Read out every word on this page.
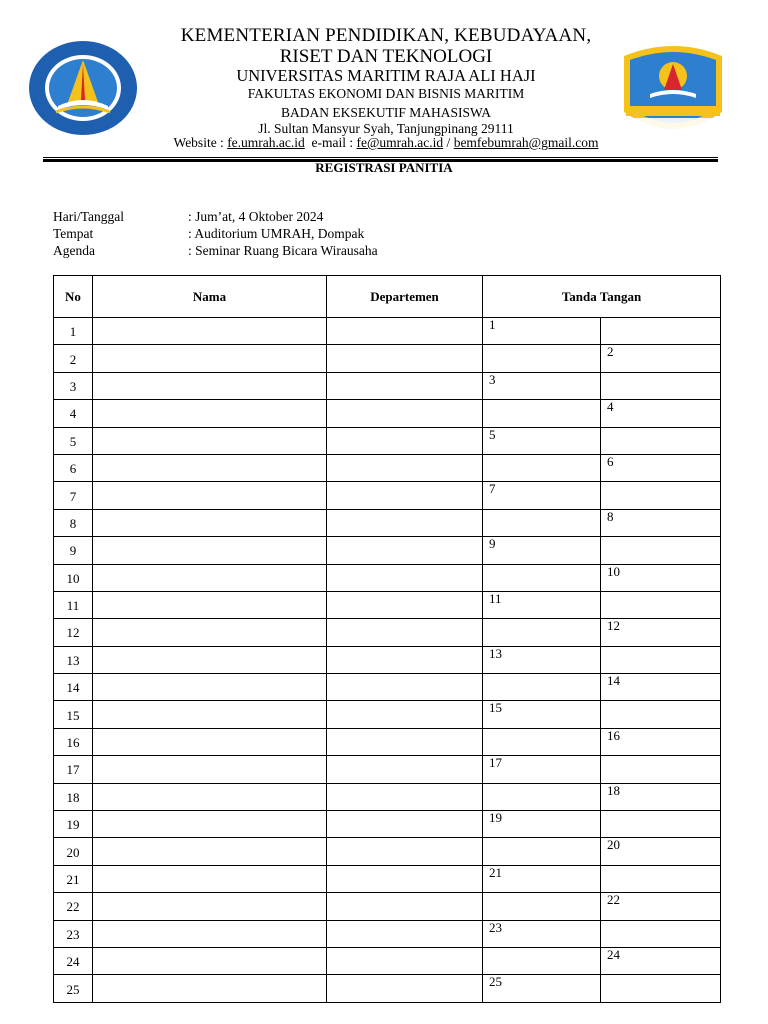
KEMENTERIAN PENDIDIKAN, KEBUDAYAAN,
RISET DAN TEKNOLOGI
UNIVERSITAS MARITIM RAJA ALI HAJI
FAKULTAS EKONOMI DAN BISNIS MARITIM
BADAN EKSEKUTIF MAHASISWA
Jl. Sultan Mansyur Syah, Tanjungpinang 29111
Website : fe.umrah.ac.id  e-mail : fe@umrah.ac.id / bemfebumrah@gmail.com
REGISTRASI PANITIA
Hari/Tanggal	: Jum’at, 4 Oktober 2024
Tempat	: Auditorium UMRAH, Dompak
Agenda	: Seminar Ruang Bicara Wirausaha
No	Nama	Departemen	Tanda Tangan	
1			1	
2				2
3			3	
4				4
5			5	
6				6
7			7	
8				8
9			9	
10				10
11			11	
12				12
13			13	
14				14
15			15	
16				16
17			17	
18				18
19			19	
20				20
21			21	
22				22
23			23	
24				24
25			25	
